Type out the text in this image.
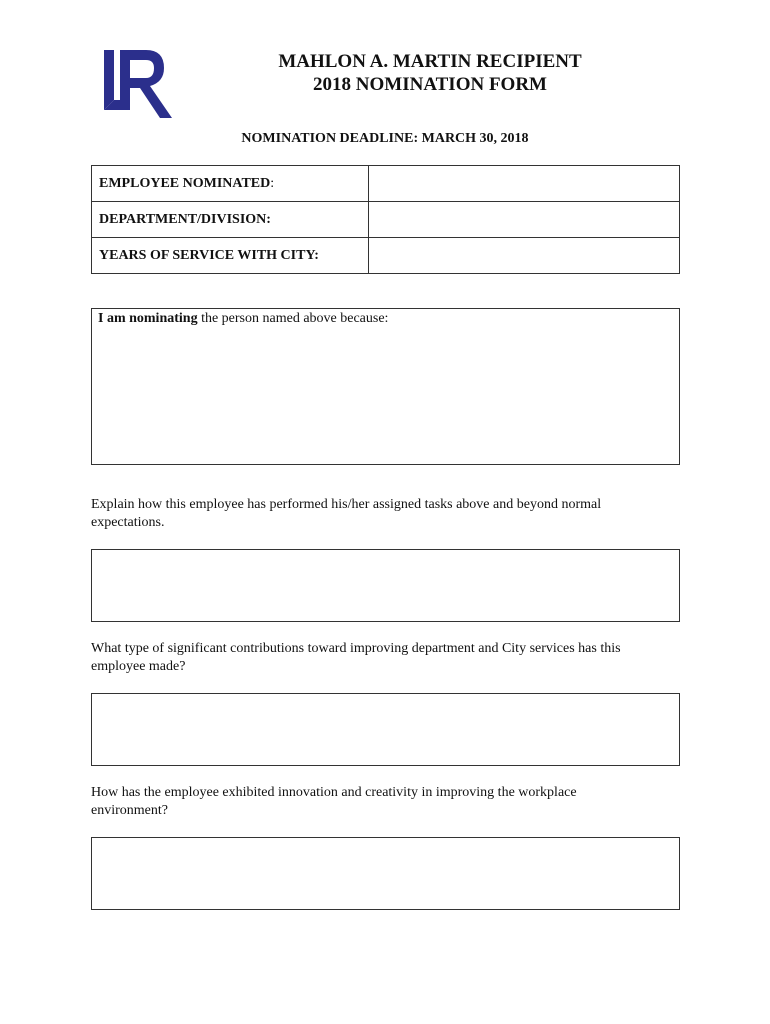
MAHLON A. MARTIN RECIPIENT
2018 NOMINATION FORM
NOMINATION DEADLINE: MARCH 30, 2018
EMPLOYEE NOMINATED:	
DEPARTMENT/DIVISION:	
YEARS OF SERVICE WITH CITY:	
I am nominating the person named above because:
Explain how this employee has performed his/her assigned tasks above and beyond normal
expectations.
What type of significant contributions toward improving department and City services has this
employee made?
How has the employee exhibited innovation and creativity in improving the workplace
environment?
